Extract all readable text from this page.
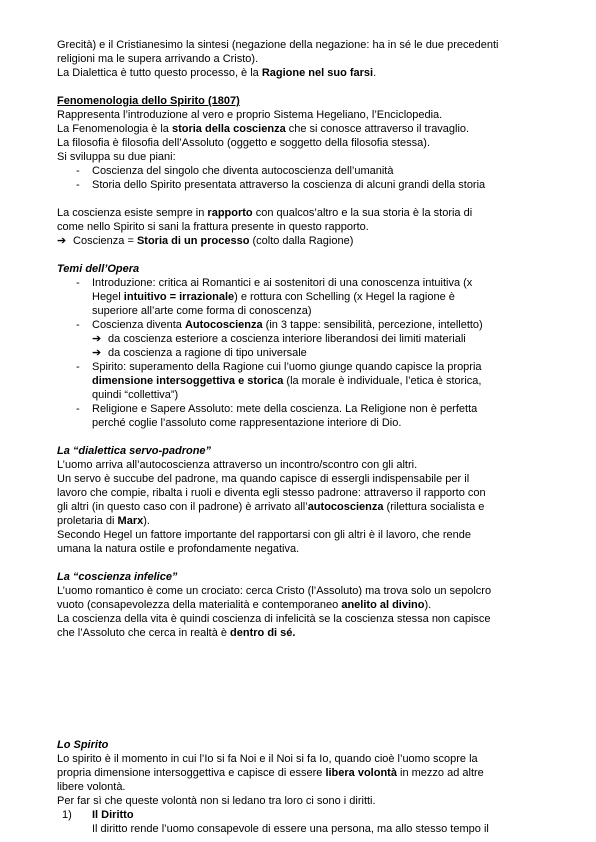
Grecità) e il Cristianesimo la sintesi (negazione della negazione: ha in sé le due precedenti

religioni ma le supera arrivando a Cristo).

La Dialettica è tutto questo processo, è la Ragione nel suo farsi.

Fenomenologia dello Spirito (1807)

Rappresenta l’introduzione al vero e proprio Sistema Hegeliano, l’Enciclopedia.

La Fenomenologia è la storia della coscienza che si conosce attraverso il travaglio.

La filosofia è filosofia dell’Assoluto (oggetto e soggetto della filosofia stessa).

Si sviluppa su due piani:

- Coscienza del singolo che diventa autocoscienza dell’umanità

- Storia dello Spirito presentata attraverso la coscienza di alcuni grandi della storia

La coscienza esiste sempre in rapporto con qualcos’altro e la sua storia è la storia di

come nello Spirito si sani la frattura presente in questo rapporto.

➔ Coscienza = Storia di un processo (colto dalla Ragione)

Temi dell’Opera

- Introduzione: critica ai Romantici e ai sostenitori di una conoscenza intuitiva (x

Hegel intuitivo = irrazionale) e rottura con Schelling (x Hegel la ragione è

superiore all’arte come forma di conoscenza)

- Coscienza diventa Autocoscienza (in 3 tappe: sensibilità, percezione, intelletto)

➔ da coscienza esteriore a coscienza interiore liberandosi dei limiti materiali

➔ da coscienza a ragione di tipo universale

- Spirito: superamento della Ragione cui l’uomo giunge quando capisce la propria

dimensione intersoggettiva e storica (la morale è individuale, l’etica è storica,

quindi “collettiva”)

- Religione e Sapere Assoluto: mete della coscienza. La Religione non è perfetta

perché coglie l’assoluto come rappresentazione interiore di Dio.

La “dialettica servo-padrone”

L’uomo arriva all’autocoscienza attraverso un incontro/scontro con gli altri.

Un servo è succube del padrone, ma quando capisce di essergli indispensabile per il

lavoro che compie, ribalta i ruoli e diventa egli stesso padrone: attraverso il rapporto con

gli altri (in questo caso con il padrone) è arrivato all’autocoscienza (rilettura socialista e

proletaria di Marx).

Secondo Hegel un fattore importante del rapportarsi con gli altri è il lavoro, che rende

umana la natura ostile e profondamente negativa.

La “coscienza infelice”

L’uomo romantico è come un crociato: cerca Cristo (l’Assoluto) ma trova solo un sepolcro

vuoto (consapevolezza della materialità e contemporaneo anelito al divino).

La coscienza della vita è quindi coscienza di infelicità se la coscienza stessa non capisce

che l’Assoluto che cerca in realtà è dentro di sé.

Lo Spirito

Lo spirito è il momento in cui l’Io si fa Noi e il Noi si fa Io, quando cioè l’uomo scopre la

propria dimensione intersoggettiva e capisce di essere libera volontà in mezzo ad altre

libere volontà.

Per far sì che queste volontà non si ledano tra loro ci sono i diritti.

1) Il Diritto

Il diritto rende l’uomo consapevole di essere una persona, ma allo stesso tempo il
